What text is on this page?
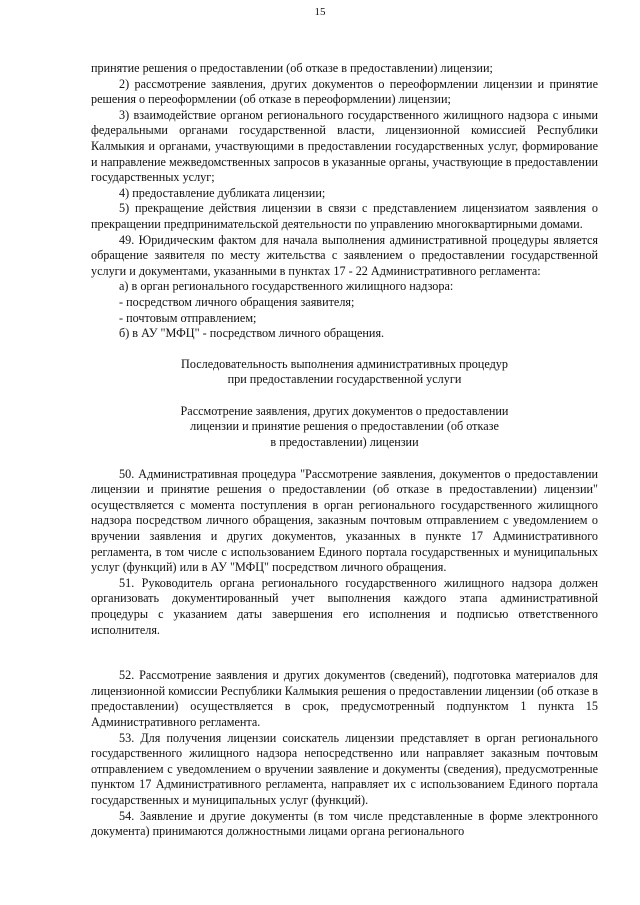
15

принятие решения о предоставлении (об отказе в предоставлении) лицензии;

2) рассмотрение заявления, других документов о переоформлении лицензии и принятие решения о переоформлении (об отказе в переоформлении) лицензии;

3) взаимодействие органом регионального государственного жилищного надзора с иными федеральными органами государственной власти, лицензионной комиссией Республики Калмыкия и органами, участвующими в предоставлении государственных услуг, формирование и направление межведомственных запросов в указанные органы, участвующие в предоставлении государственных услуг;

4) предоставление дубликата лицензии;

5) прекращение действия лицензии в связи с представлением лицензиатом заявления о прекращении предпринимательской деятельности по управлению многоквартирными домами.

49. Юридическим фактом для начала выполнения административной процедуры является обращение заявителя по месту жительства с заявлением о предоставлении государственной услуги и документами, указанными в пунктах 17 - 22 Административного регламента:

а) в орган регионального государственного жилищного надзора:

- посредством личного обращения заявителя;

- почтовым отправлением;

б) в АУ "МФЦ" - посредством личного обращения.

Последовательность выполнения административных процедур

при предоставлении государственной услуги

Рассмотрение заявления, других документов о предоставлении

лицензии и принятие решения о предоставлении (об отказе

в предоставлении) лицензии

50. Административная процедура "Рассмотрение заявления, документов о предоставлении лицензии и принятие решения о предоставлении (об отказе в предоставлении) лицензии" осуществляется с момента поступления в орган регионального государственного жилищного надзора посредством личного обращения, заказным почтовым отправлением с уведомлением о вручении заявления и других документов, указанных в пункте 17 Административного регламента, в том числе с использованием Единого портала государственных и муниципальных услуг (функций) или в АУ "МФЦ" посредством личного обращения.

51. Руководитель органа регионального государственного жилищного надзора должен организовать документированный учет выполнения каждого этапа административной процедуры с указанием даты завершения его исполнения и подписью ответственного исполнителя.

52. Рассмотрение заявления и других документов (сведений), подготовка материалов для лицензионной комиссии Республики Калмыкия решения о предоставлении лицензии (об отказе в предоставлении) осуществляется в срок, предусмотренный подпунктом 1 пункта 15 Административного регламента.

53. Для получения лицензии соискатель лицензии представляет в орган регионального государственного жилищного надзора непосредственно или направляет заказным почтовым отправлением с уведомлением о вручении заявление и документы (сведения), предусмотренные пунктом 17 Административного регламента, направляет их с использованием Единого портала государственных и муниципальных услуг (функций).

54. Заявление и другие документы (в том числе представленные в форме электронного документа) принимаются должностными лицами органа регионального
